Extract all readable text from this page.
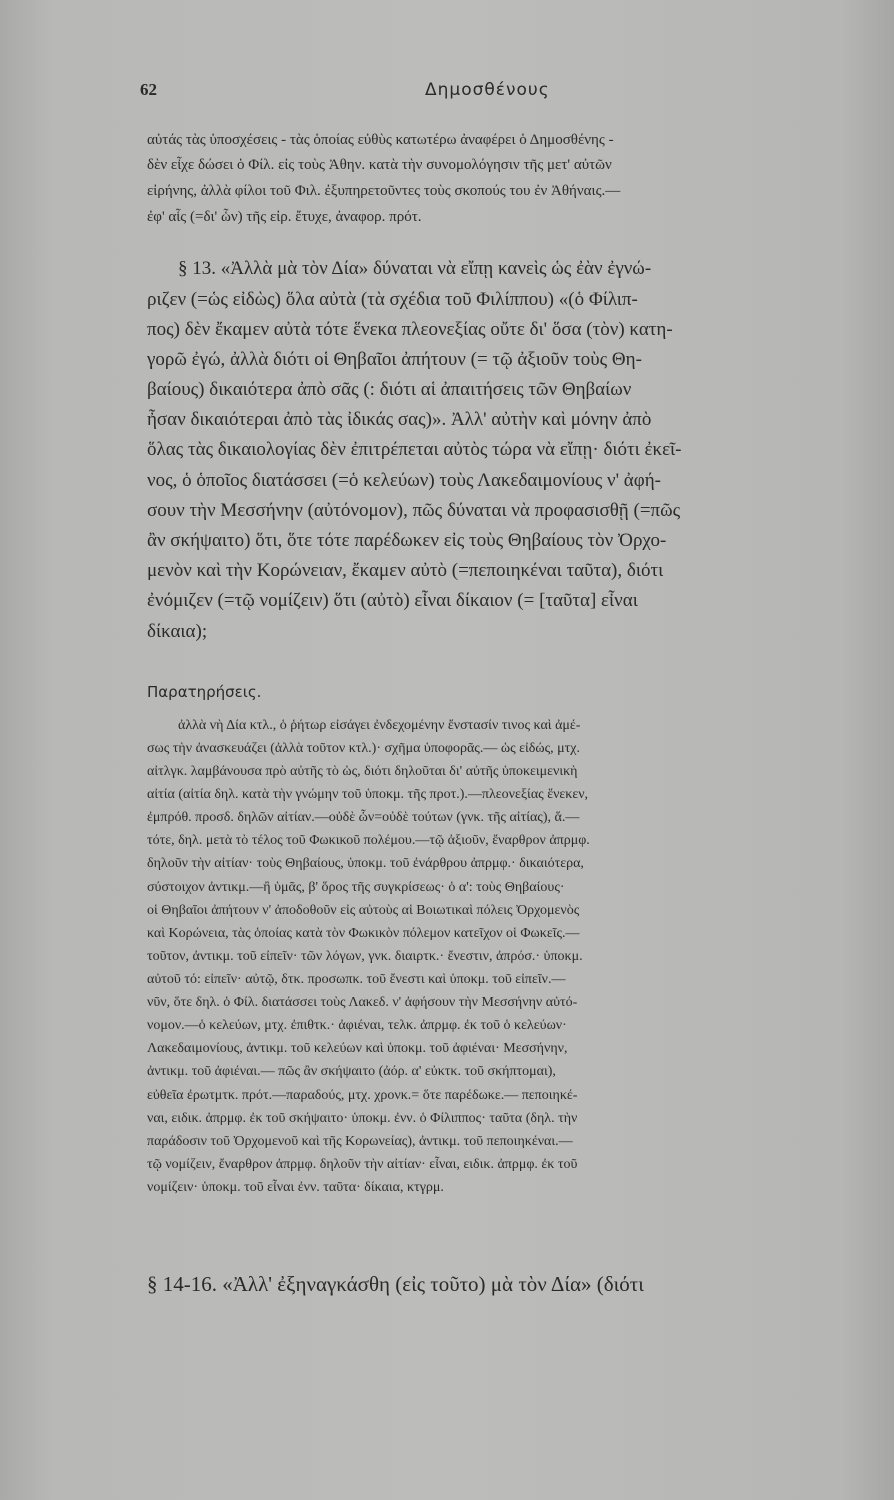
62	Δημοσθένους
αὐτάς τὰς ὑποσχέσεις - τὰς ὁποίας εὐθὺς κατωτέρω ἀναφέρει ὁ Δημοσθένης -
δὲν εἶχε δώσει ὁ Φίλ. εἰς τοὺς Ἀθην. κατὰ τὴν συνομολόγησιν τῆς μετ' αὐτῶν
εἰρήνης, ἀλλὰ φίλοι τοῦ Φιλ. ἐξυπηρετοῦντες τοὺς σκοπούς του ἐν Ἀθήναις.—
ἐφ' αἷς (=δι' ὧν) τῆς εἰρ. ἔτυχε, ἀναφορ. πρότ.
§ 13. «Ἀλλὰ μὰ τὸν Δία» δύναται νὰ εἴπῃ κανεὶς ὡς ἐὰν ἐγνώ-
ριζεν (=ὡς εἰδὼς) ὅλα αὐτὰ (τὰ σχέδια τοῦ Φιλίππου) «(ὁ Φίλιπ-
πος) δὲν ἔκαμεν αὐτὰ τότε ἕνεκα πλεονεξίας οὔτε δι' ὅσα (τὸν) κατη-
γορῶ ἐγώ, ἀλλὰ διότι οἱ Θηβαῖοι ἀπήτουν (= τῷ ἀξιοῦν τοὺς Θη-
βαίους) δικαιότερα ἀπὸ σᾶς (: διότι αἱ ἀπαιτήσεις τῶν Θηβαίων
ἦσαν δικαιότεραι ἀπὸ τὰς ἰδικάς σας)». Ἀλλ' αὐτὴν καὶ μόνην ἀπὸ
ὅλας τὰς δικαιολογίας δὲν ἐπιτρέπεται αὐτὸς τώρα νὰ εἴπῃ· διότι ἐκεῖ-
νος, ὁ ὁποῖος διατάσσει (=ὁ κελεύων) τοὺς Λακεδαιμονίους ν' ἀφή-
σουν τὴν Μεσσήνην (αὐτόνομον), πῶς δύναται νὰ προφασισθῇ (=πῶς
ἂν σκήψαιτο) ὅτι, ὅτε τότε παρέδωκεν εἰς τοὺς Θηβαίους τὸν Ὀρχο-
μενὸν καὶ τὴν Κορώνειαν, ἔκαμεν αὐτὸ (=πεποιηκέναι ταῦτα), διότι
ἐνόμιζεν (=τῷ νομίζειν) ὅτι (αὐτὸ) εἶναι δίκαιον (= [ταῦτα] εἶναι
δίκαια);
Παρατηρήσεις.
ἀλλὰ νὴ Δία κτλ., ὁ ῥήτωρ εἰσάγει ἐνδεχομένην ἔνστασίν τινος καὶ ἀμέ-
σως τὴν ἀνασκευάζει (ἀλλὰ τοῦτον κτλ.)· σχῆμα ὑποφορᾶς.— ὡς εἰδώς, μτχ.
αἰτλγκ. λαμβάνουσα πρὸ αὐτῆς τὸ ὡς, διότι δηλοῦται δι' αὐτῆς ὑποκειμενικὴ
αἰτία (αἰτία δηλ. κατὰ τὴν γνώμην τοῦ ὑποκμ. τῆς προτ.).—πλεονεξίας ἕνεκεν,
ἐμπρόθ. προσδ. δηλῶν αἰτίαν.—οὐδὲ ὧν=οὐδὲ τούτων (γνκ. τῆς αἰτίας), ἅ.—
τότε, δηλ. μετὰ τὸ τέλος τοῦ Φωκικοῦ πολέμου.—τῷ ἀξιοῦν, ἔναρθρον ἀπρμφ.
δηλοῦν τὴν αἰτίαν· τοὺς Θηβαίους, ὑποκμ. τοῦ ἐνάρθρου ἀπρμφ.· δικαιότερα,
σύστοιχον ἀντικμ.—ἢ ὑμᾶς, β' ὅρος τῆς συγκρίσεως· ὁ α': τοὺς Θηβαίους·
οἱ Θηβαῖοι ἀπήτουν ν' ἀποδοθοῦν εἰς αὐτοὺς αἱ Βοιωτικαὶ πόλεις Ὀρχομενὸς
καὶ Κορώνεια, τὰς ὁποίας κατὰ τὸν Φωκικὸν πόλεμον κατεῖχον οἱ Φωκεῖς.—
τοῦτον, ἀντικμ. τοῦ εἰπεῖν· τῶν λόγων, γνκ. διαιρτκ.· ἔνεστιν, ἀπρόσ.· ὑποκμ.
αὐτοῦ τό: εἰπεῖν· αὐτῷ, δτκ. προσωπκ. τοῦ ἔνεστι καὶ ὑποκμ. τοῦ εἰπεῖν.—
νῦν, ὅτε δηλ. ὁ Φίλ. διατάσσει τοὺς Λακεδ. ν' ἀφήσουν τὴν Μεσσήνην αὐτό-
νομον.—ὁ κελεύων, μτχ. ἐπιθτκ.· ἀφιέναι, τελκ. ἀπρμφ. ἐκ τοῦ ὁ κελεύων·
Λακεδαιμονίους, ἀντικμ. τοῦ κελεύων καὶ ὑποκμ. τοῦ ἀφιέναι· Μεσσήνην,
ἀντικμ. τοῦ ἀφιέναι.— πῶς ἂν σκήψαιτο (ἀόρ. α' εὐκτκ. τοῦ σκήπτομαι),
εὐθεῖα ἐρωτμτκ. πρότ.—παραδούς, μτχ. χρονκ.= ὅτε παρέδωκε.— πεποιηκέ-
ναι, ειδικ. ἀπρμφ. ἐκ τοῦ σκήψαιτο· ὑποκμ. ἐνν. ὁ Φίλιππος· ταῦτα (δηλ. τὴν
παράδοσιν τοῦ Ὀρχομενοῦ καὶ τῆς Κορωνείας), ἀντικμ. τοῦ πεποιηκέναι.—
τῷ νομίζειν, ἔναρθρον ἀπρμφ. δηλοῦν τὴν αἰτίαν· εἶναι, ειδικ. ἀπρμφ. ἐκ τοῦ
νομίζειν· ὑποκμ. τοῦ εἶναι ἐνν. ταῦτα· δίκαια, κτγρμ.
§ 14-16. «Ἀλλ' ἐξηναγκάσθη (εἰς τοῦτο) μὰ τὸν Δία» (διότι
